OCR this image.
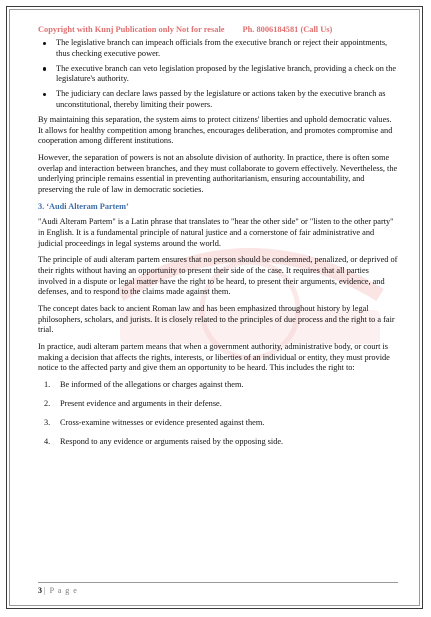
Copyright with Kunj Publication only Not for resale Ph. 8006184581 (Call Us)
The legislative branch can impeach officials from the executive branch or reject their appointments, thus checking executive power.
The executive branch can veto legislation proposed by the legislative branch, providing a check on the legislature's authority.
The judiciary can declare laws passed by the legislature or actions taken by the executive branch as unconstitutional, thereby limiting their powers.

By maintaining this separation, the system aims to protect citizens' liberties and uphold democratic values. It allows for healthy competition among branches, encourages deliberation, and promotes compromise and cooperation among different institutions.

However, the separation of powers is not an absolute division of authority. In practice, there is often some overlap and interaction between branches, and they must collaborate to govern effectively. Nevertheless, the underlying principle remains essential in preventing authoritarianism, ensuring accountability, and preserving the rule of law in democratic societies.

3. ‘Audi Alteram Partem’

"Audi Alteram Partem" is a Latin phrase that translates to "hear the other side" or "listen to the other party" in English. It is a fundamental principle of natural justice and a cornerstone of fair administrative and judicial proceedings in legal systems around the world.

The principle of audi alteram partem ensures that no person should be condemned, penalized, or deprived of their rights without having an opportunity to present their side of the case. It requires that all parties involved in a dispute or legal matter have the right to be heard, to present their arguments, evidence, and defenses, and to respond to the claims made against them.

The concept dates back to ancient Roman law and has been emphasized throughout history by legal philosophers, scholars, and jurists. It is closely related to the principles of due process and the right to a fair trial.

In practice, audi alteram partem means that when a government authority, administrative body, or court is making a decision that affects the rights, interests, or liberties of an individual or entity, they must provide notice to the affected party and give them an opportunity to be heard. This includes the right to:

1. Be informed of the allegations or charges against them.
2. Present evidence and arguments in their defense.
3. Cross-examine witnesses or evidence presented against them.
4. Respond to any evidence or arguments raised by the opposing side.
3 | P a g e
